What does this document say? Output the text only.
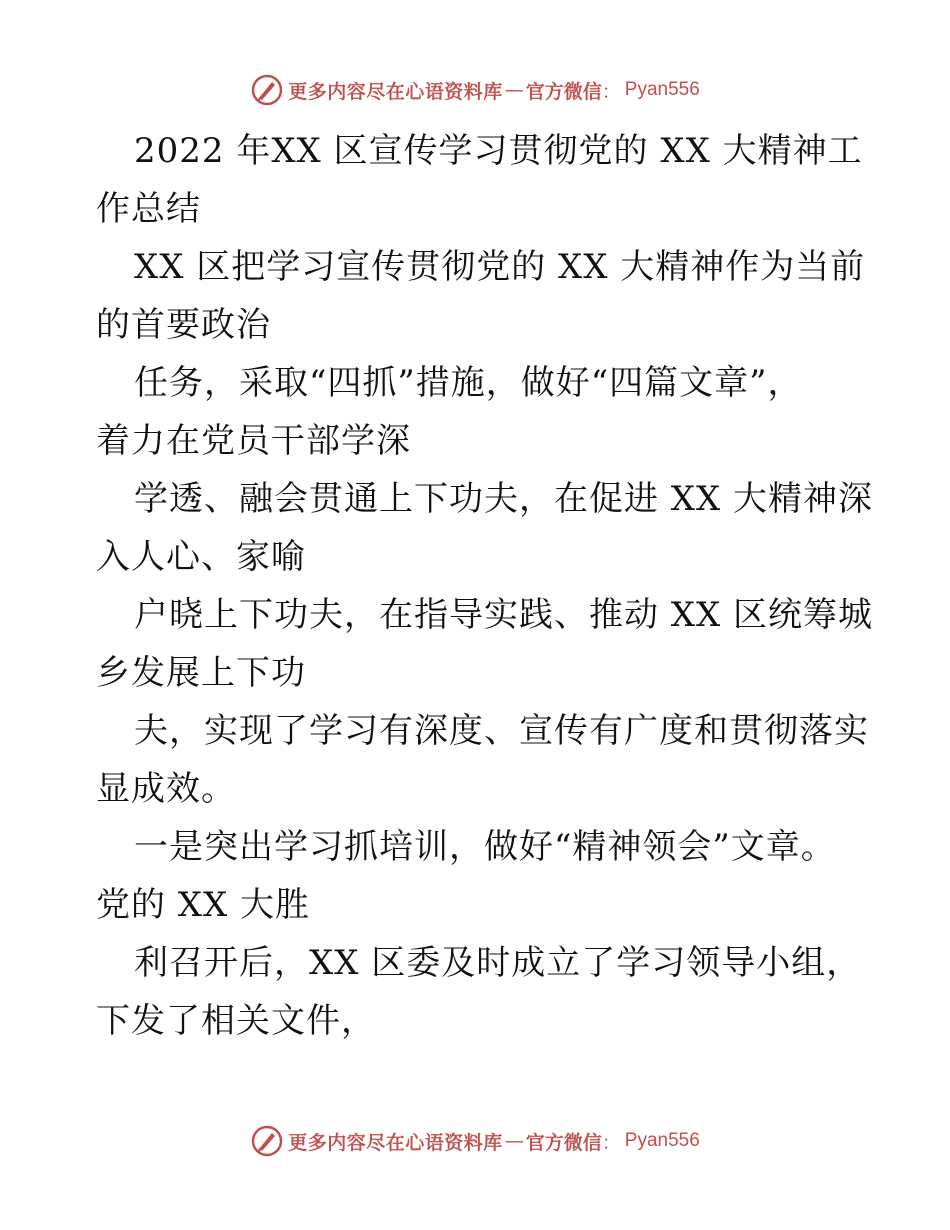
更多内容尽在心语资料库 — 官方微信 ： Pyan556
2022 年XX 区宣传学习贯彻党的 XX 大精神工
作总结
XX 区把学习宣传贯彻党的 XX 大精神作为当前
的首要政治
任务，采取“四抓”措施，做好“四篇文章”，
着力在党员干部学深
学透、融会贯通上下功夫，在促进 XX 大精神深
入人心、家喻
户晓上下功夫，在指导实践、推动 XX 区统筹城
乡发展上下功
夫，实现了学习有深度、宣传有广度和贯彻落实
显成效。
一是突出学习抓培训，做好“精神领会”文章。
党的 XX 大胜
利召开后，XX 区委及时成立了学习领导小组，
下发了相关文件，
更多内容尽在心语资料库 — 官方微信 ： Pyan556
